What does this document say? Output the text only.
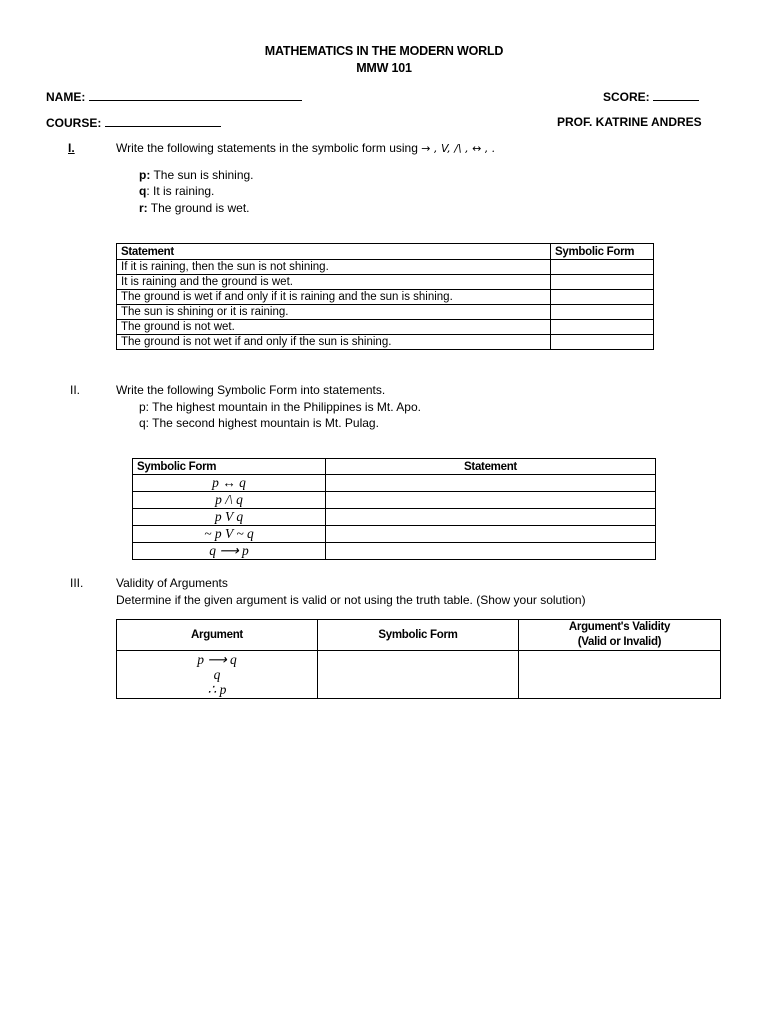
MATHEMATICS IN THE MODERN WORLD
MMW 101
NAME:	SCORE:
COURSE:	PROF. KATRINE ANDRES
I.	Write the following statements in the symbolic form using → , V, /\ , ↔ , .
p: The sun is shining.
q: It is raining.
r: The ground is wet.
Statement	Symbolic Form
If it is raining, then the sun is not shining.	
It is raining and the ground is wet.	
The ground is wet if and only if it is raining and the sun is shining.	
The sun is shining or it is raining.	
The ground is not wet.	
The ground is not wet if and only if the sun is shining.	
II.	Write the following Symbolic Form into statements.
p: The highest mountain in the Philippines is Mt. Apo.
q: The second highest mountain is Mt. Pulag.
Symbolic Form	Statement
p ↔ q	
p /\ q	
p V q	
~ p V ~ q	
q ⟶ p	
III.	Validity of Arguments
Determine if the given argument is valid or not using the truth table. (Show your solution)
Argument	Symbolic Form	Argument's Validity
(Valid or Invalid)

p ⟶ q
q
∴ p		
